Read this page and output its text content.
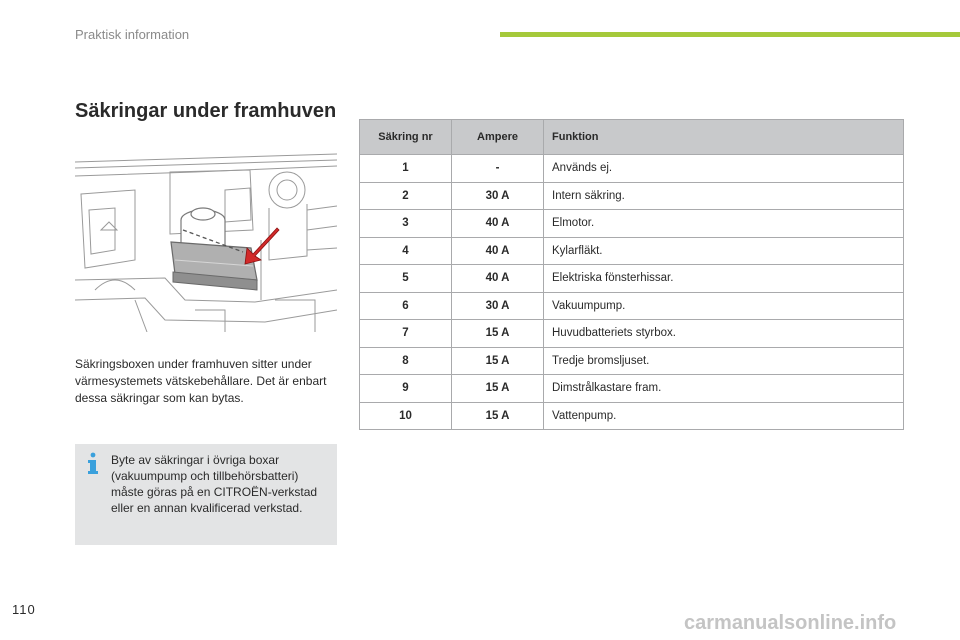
Praktisk information
Säkringar under framhuven
Säkringsboxen under framhuven sitter under värmesystemets vätskebehållare. Det är enbart dessa säkringar som kan bytas.
Byte av säkringar i övriga boxar (vakuumpump och tillbehörsbatteri) måste göras på en CITROËN-verkstad eller en annan kvalificerad verkstad.
Säkring nr	Ampere	Funktion
1	-	Används ej.
2	30 A	Intern säkring.
3	40 A	Elmotor.
4	40 A	Kylarfläkt.
5	40 A	Elektriska fönsterhissar.
6	30 A	Vakuumpump.
7	15 A	Huvudbatteriets styrbox.
8	15 A	Tredje bromsljuset.
9	15 A	Dimstrålkastare fram.
10	15 A	Vattenpump.
110
carmanualsonline.info
